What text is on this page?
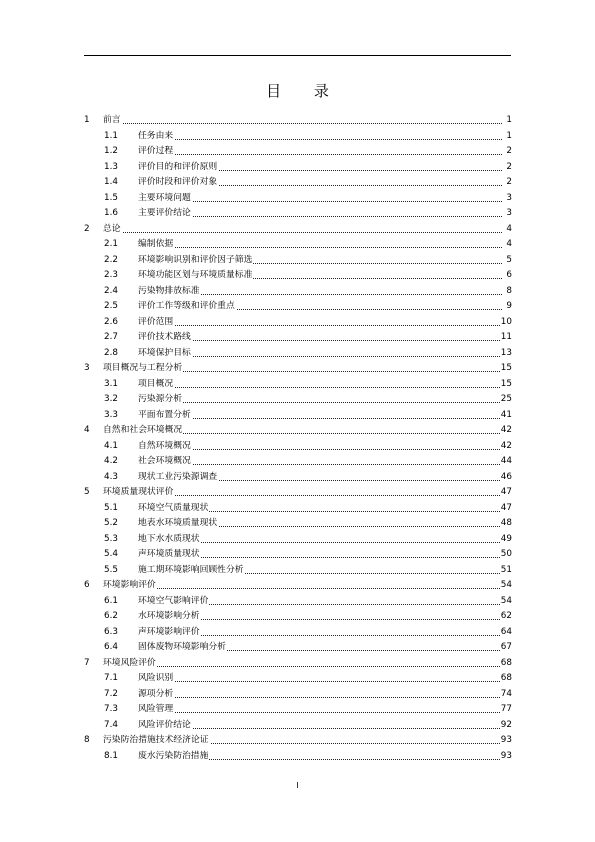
目 录
1 前言	1
1.1 任务由来	1
1.2 评价过程	2
1.3 评价目的和评价原则	2
1.4 评价时段和评价对象	2
1.5 主要环境问题	3
1.6 主要评价结论	3
2 总论	4
2.1 编制依据	4
2.2 环境影响识别和评价因子筛选	5
2.3 环境功能区划与环境质量标准	6
2.4 污染物排放标准	8
2.5 评价工作等级和评价重点	9
2.6 评价范围	10
2.7 评价技术路线	11
2.8 环境保护目标	13
3 项目概况与工程分析	15
3.1 项目概况	15
3.2 污染源分析	25
3.3 平面布置分析	41
4 自然和社会环境概况	42
4.1 自然环境概况	42
4.2 社会环境概况	44
4.3 现状工业污染源调查	46
5 环境质量现状评价	47
5.1 环境空气质量现状	47
5.2 地表水环境质量现状	48
5.3 地下水水质现状	49
5.4 声环境质量现状	50
5.5 施工期环境影响回顾性分析	51
6 环境影响评价	54
6.1 环境空气影响评价	54
6.2 水环境影响分析	62
6.3 声环境影响评价	64
6.4 固体废物环境影响分析	67
7 环境风险评价	68
7.1 风险识别	68
7.2 源项分析	74
7.3 风险管理	77
7.4 风险评价结论	92
8 污染防治措施技术经济论证	93
8.1 废水污染防治措施	93
I
